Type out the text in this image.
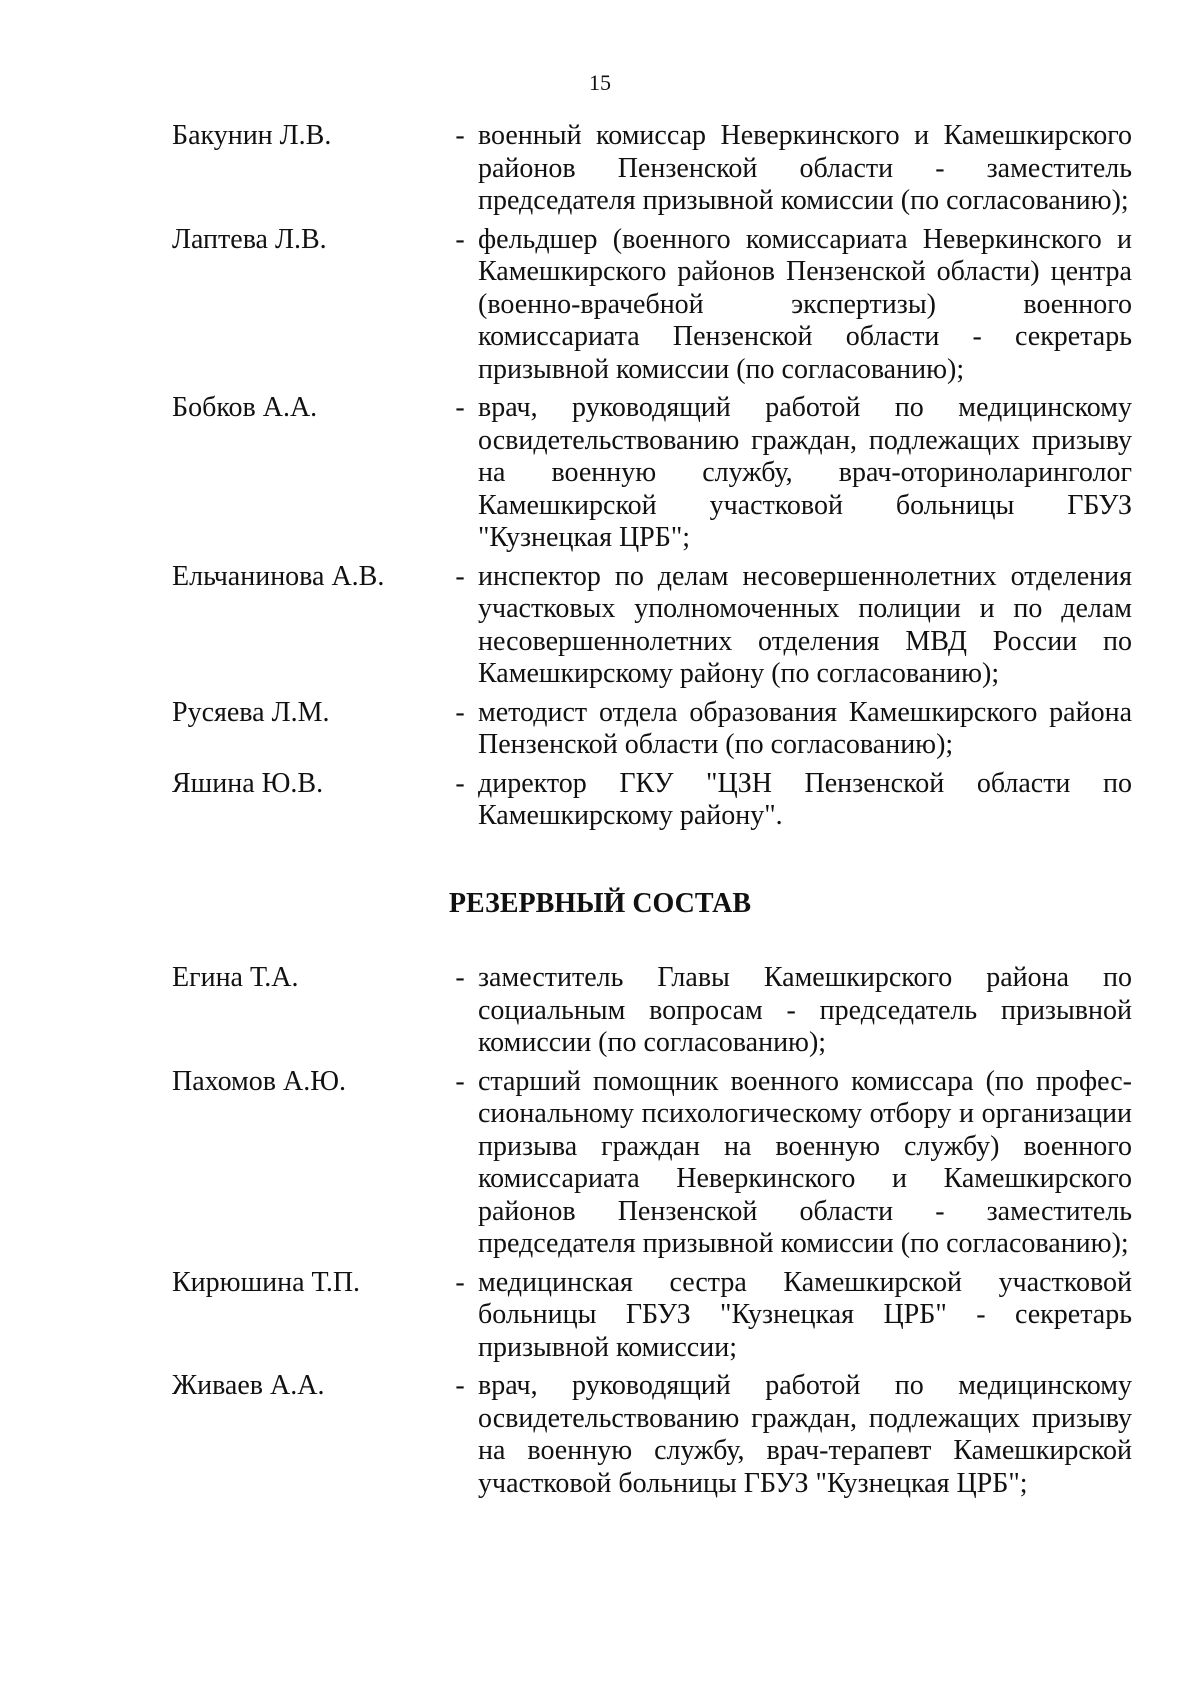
15
Бакунин Л.В.	- военный комиссар Неверкинского и Камешкирского районов Пензенской области - заместитель председателя призывной комиссии (по согласованию);
Лаптева Л.В.	- фельдшер (военного комиссариата Неверкинского и Камешкирского районов Пензенской области) центра (военно-врачебной экспертизы) военного комиссариата Пензенской области - секретарь призывной комиссии (по согласованию);
Бобков А.А.	- врач, руководящий работой по медицинскому освидетельствованию граждан, подлежащих призыву на военную службу, врач-оториноларинголог Камешкирской участковой больницы ГБУЗ "Кузнецкая ЦРБ";
Ельчанинова А.В.	- инспектор по делам несовершеннолетних отделения участковых уполномоченных полиции и по делам несовершеннолетних отделения МВД России по Камешкирскому району (по согласованию);
Русяева Л.М.	- методист отдела образования Камешкирского района Пензенской области (по согласованию);
Яшина Ю.В.	- директор ГКУ "ЦЗН Пензенской области по Камешкирскому району".
РЕЗЕРВНЫЙ СОСТАВ
Егина Т.А.	- заместитель Главы Камешкирского района по социальным вопросам - председатель призывной комиссии (по согласованию);
Пахомов А.Ю.	- старший помощник военного комиссара (по профес-сиональному психологическому отбору и организации призыва граждан на военную службу) военного комиссариата Неверкинского и Камешкирского районов Пензенской области - заместитель председателя призывной комиссии (по согласованию);
Кирюшина Т.П.	- медицинская сестра Камешкирской участковой больницы ГБУЗ "Кузнецкая ЦРБ" - секретарь призывной комиссии;
Живаев А.А.	- врач, руководящий работой по медицинскому освидетельствованию граждан, подлежащих призыву на военную службу, врач-терапевт Камешкирской участковой больницы ГБУЗ "Кузнецкая ЦРБ";
